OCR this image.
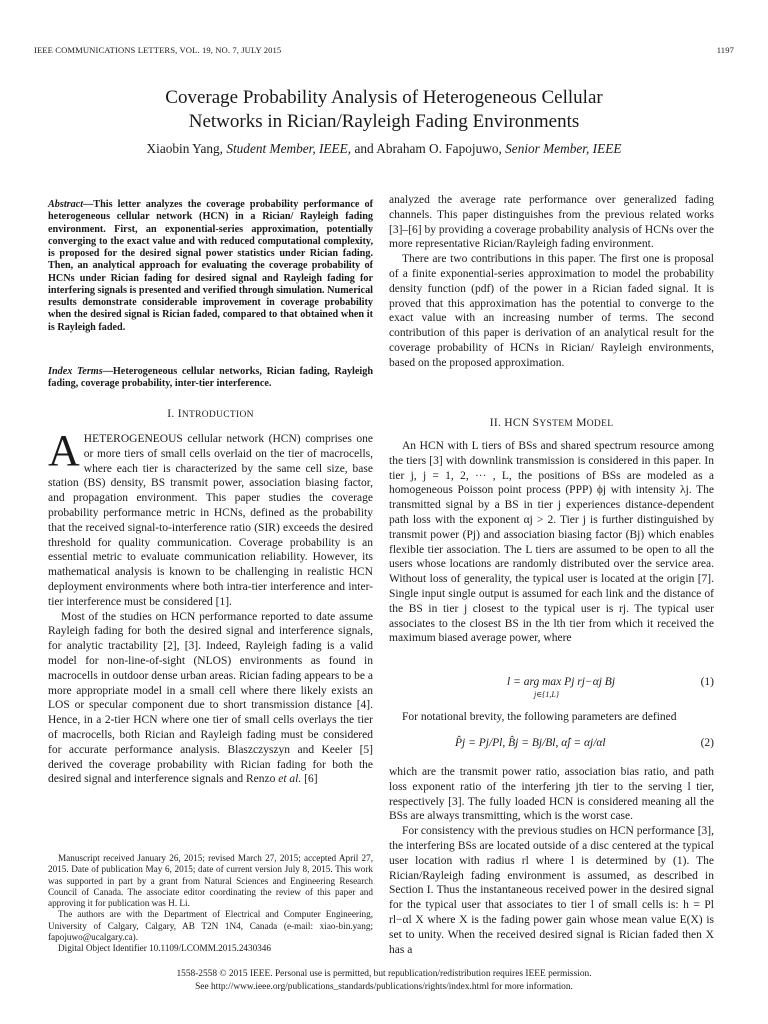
IEEE COMMUNICATIONS LETTERS, VOL. 19, NO. 7, JULY 2015	1197
Coverage Probability Analysis of Heterogeneous Cellular
Networks in Rician/Rayleigh Fading Environments
Xiaobin Yang, Student Member, IEEE, and Abraham O. Fapojuwo, Senior Member, IEEE
Abstract—This letter analyzes the coverage probability performance of heterogeneous cellular network (HCN) in a Rician/ Rayleigh fading environment. First, an exponential-series approximation, potentially converging to the exact value and with reduced computational complexity, is proposed for the desired signal power statistics under Rician fading. Then, an analytical approach for evaluating the coverage probability of HCNs under Rician fading for desired signal and Rayleigh fading for interfering signals is presented and verified through simulation. Numerical results demonstrate considerable improvement in coverage probability when the desired signal is Rician faded, compared to that obtained when it is Rayleigh faded.
Index Terms—Heterogeneous cellular networks, Rician fading, Rayleigh fading, coverage probability, inter-tier interference.
I. INTRODUCTION

AHETEROGENEOUS cellular network (HCN) comprises one or more tiers of small cells overlaid on the tier of macrocells, where each tier is characterized by the same cell size, base station (BS) density, BS transmit power, association biasing factor, and propagation environment. This paper studies the coverage probability performance metric in HCNs, defined as the probability that the received signal-to-interference ratio (SIR) exceeds the desired threshold for quality communication. Coverage probability is an essential metric to evaluate communication reliability. However, its mathematical analysis is known to be challenging in realistic HCN deployment environments where both intra-tier interference and inter-tier interference must be considered [1].

Most of the studies on HCN performance reported to date assume Rayleigh fading for both the desired signal and interference signals, for analytic tractability [2], [3]. Indeed, Rayleigh fading is a valid model for non-line-of-sight (NLOS) environments as found in macrocells in outdoor dense urban areas. Rician fading appears to be a more appropriate model in a small cell where there likely exists an LOS or specular component due to short transmission distance [4]. Hence, in a 2-tier HCN where one tier of small cells overlays the tier of macrocells, both Rician and Rayleigh fading must be considered for accurate performance analysis. Blaszczyszyn and Keeler [5] derived the coverage probability with Rician fading for both the desired signal and interference signals and Renzo et al. [6]

Manuscript received January 26, 2015; revised March 27, 2015; accepted April 27, 2015. Date of publication May 6, 2015; date of current version July 8, 2015. This work was supported in part by a grant from Natural Sciences and Engineering Research Council of Canada. The associate editor coordinating the review of this paper and approving it for publication was H. Li.

The authors are with the Department of Electrical and Computer Engineering, University of Calgary, Calgary, AB T2N 1N4, Canada (e-mail: xiao-bin.yang; fapojuwo@ucalgary.ca).

Digital Object Identifier 10.1109/LCOMM.2015.2430346

analyzed the average rate performance over generalized fading channels. This paper distinguishes from the previous related works [3]–[6] by providing a coverage probability analysis of HCNs over the more representative Rician/Rayleigh fading environment.

There are two contributions in this paper. The first one is proposal of a finite exponential-series approximation to model the probability density function (pdf) of the power in a Rician faded signal. It is proved that this approximation has the potential to converge to the exact value with an increasing number of terms. The second contribution of this paper is derivation of an analytical result for the coverage probability of HCNs in Rician/ Rayleigh environments, based on the proposed approximation.

II. HCN SYSTEM MODEL

An HCN with L tiers of BSs and shared spectrum resource among the tiers [3] with downlink transmission is considered in this paper. In tier j, j = 1, 2, ··· , L, the positions of BSs are modeled as a homogeneous Poisson point process (PPP) ϕj with intensity λj. The transmitted signal by a BS in tier j experiences distance-dependent path loss with the exponent αj > 2. Tier j is further distinguished by transmit power (Pj) and association biasing factor (Bj) which enables flexible tier association. The L tiers are assumed to be open to all the users whose locations are randomly distributed over the service area. Without loss of generality, the typical user is located at the origin [7]. Single input single output is assumed for each link and the distance of the BS in tier j closest to the typical user is rj. The typical user associates to the closest BS in the lth tier from which it received the maximum biased average power, where

l = arg max Pj rj−αj Bj
j∈{1,L}
(1)

For notational brevity, the following parameters are defined

P̂j = Pj/Pl, B̂j = Bj/Bl, α̂j = αj/αl	(2)

which are the transmit power ratio, association bias ratio, and path loss exponent ratio of the interfering jth tier to the serving l tier, respectively [3]. The fully loaded HCN is considered meaning all the BSs are always transmitting, which is the worst case.

For consistency with the previous studies on HCN performance [3], the interfering BSs are located outside of a disc centered at the typical user location with radius rl where l is determined by (1). The Rician/Rayleigh fading environment is assumed, as described in Section I. Thus the instantaneous received power in the desired signal for the typical user that associates to tier l of small cells is: h = Pl rl−αl X where X is the fading power gain whose mean value E(X) is set to unity. When the received desired signal is Rician faded then X has a

1558-2558 © 2015 IEEE. Personal use is permitted, but republication/redistribution requires IEEE permission.
See http://www.ieee.org/publications_standards/publications/rights/index.html for more information.
